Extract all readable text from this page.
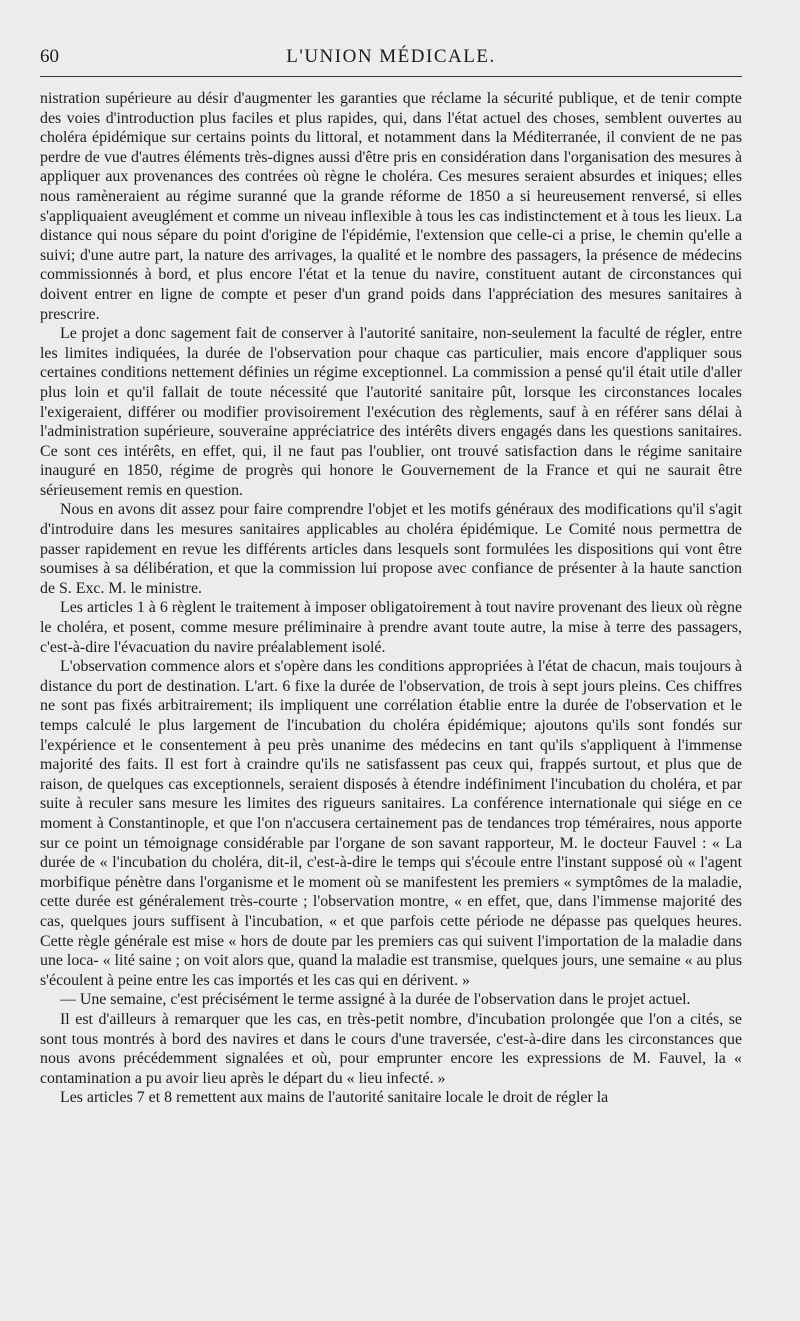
60	L'UNION MÉDICALE.

nistration supérieure au désir d'augmenter les garanties que réclame la sécurité publique, et de tenir compte des voies d'introduction plus faciles et plus rapides, qui, dans l'état actuel des choses, semblent ouvertes au choléra épidémique sur certains points du littoral, et notamment dans la Méditerranée, il convient de ne pas perdre de vue d'autres éléments très-dignes aussi d'être pris en considération dans l'organisation des mesures à appliquer aux provenances des contrées où règne le choléra. Ces mesures seraient absurdes et iniques; elles nous ramèneraient au régime suranné que la grande réforme de 1850 a si heureusement renversé, si elles s'appliquaient aveuglément et comme un niveau inflexible à tous les cas indistinctement et à tous les lieux. La distance qui nous sépare du point d'origine de l'épidémie, l'extension que celle-ci a prise, le chemin qu'elle a suivi; d'une autre part, la nature des arrivages, la qualité et le nombre des passagers, la présence de médecins commissionnés à bord, et plus encore l'état et la tenue du navire, constituent autant de circonstances qui doivent entrer en ligne de compte et peser d'un grand poids dans l'appréciation des mesures sanitaires à prescrire.

Le projet a donc sagement fait de conserver à l'autorité sanitaire, non-seulement la faculté de régler, entre les limites indiquées, la durée de l'observation pour chaque cas particulier, mais encore d'appliquer sous certaines conditions nettement définies un régime exceptionnel. La commission a pensé qu'il était utile d'aller plus loin et qu'il fallait de toute nécessité que l'autorité sanitaire pût, lorsque les circonstances locales l'exigeraient, différer ou modifier provisoirement l'exécution des règlements, sauf à en référer sans délai à l'administration supérieure, souveraine appréciatrice des intérêts divers engagés dans les questions sanitaires. Ce sont ces intérêts, en effet, qui, il ne faut pas l'oublier, ont trouvé satisfaction dans le régime sanitaire inauguré en 1850, régime de progrès qui honore le Gouvernement de la France et qui ne saurait être sérieusement remis en question.

Nous en avons dit assez pour faire comprendre l'objet et les motifs généraux des modifications qu'il s'agit d'introduire dans les mesures sanitaires applicables au choléra épidémique. Le Comité nous permettra de passer rapidement en revue les différents articles dans lesquels sont formulées les dispositions qui vont être soumises à sa délibération, et que la commission lui propose avec confiance de présenter à la haute sanction de S. Exc. M. le ministre.

Les articles 1 à 6 règlent le traitement à imposer obligatoirement à tout navire provenant des lieux où règne le choléra, et posent, comme mesure préliminaire à prendre avant toute autre, la mise à terre des passagers, c'est-à-dire l'évacuation du navire préalablement isolé.

L'observation commence alors et s'opère dans les conditions appropriées à l'état de chacun, mais toujours à distance du port de destination. L'art. 6 fixe la durée de l'observation, de trois à sept jours pleins. Ces chiffres ne sont pas fixés arbitrairement; ils impliquent une corrélation établie entre la durée de l'observation et le temps calculé le plus largement de l'incubation du choléra épidémique; ajoutons qu'ils sont fondés sur l'expérience et le consentement à peu près unanime des médecins en tant qu'ils s'appliquent à l'immense majorité des faits. Il est fort à craindre qu'ils ne satisfassent pas ceux qui, frappés surtout, et plus que de raison, de quelques cas exceptionnels, seraient disposés à étendre indéfiniment l'incubation du choléra, et par suite à reculer sans mesure les limites des rigueurs sanitaires. La conférence internationale qui siége en ce moment à Constantinople, et que l'on n'accusera certainement pas de tendances trop téméraires, nous apporte sur ce point un témoignage considérable par l'organe de son savant rapporteur, M. le docteur Fauvel : « La durée de « l'incubation du choléra, dit-il, c'est-à-dire le temps qui s'écoule entre l'instant supposé où « l'agent morbifique pénètre dans l'organisme et le moment où se manifestent les premiers « symptômes de la maladie, cette durée est généralement très-courte ; l'observation montre, « en effet, que, dans l'immense majorité des cas, quelques jours suffisent à l'incubation, « et que parfois cette période ne dépasse pas quelques heures. Cette règle générale est mise « hors de doute par les premiers cas qui suivent l'importation de la maladie dans une loca- « lité saine ; on voit alors que, quand la maladie est transmise, quelques jours, une semaine « au plus s'écoulent à peine entre les cas importés et les cas qui en dérivent. »

— Une semaine, c'est précisément le terme assigné à la durée de l'observation dans le projet actuel.

Il est d'ailleurs à remarquer que les cas, en très-petit nombre, d'incubation prolongée que l'on a cités, se sont tous montrés à bord des navires et dans le cours d'une traversée, c'est-à-dire dans les circonstances que nous avons précédemment signalées et où, pour emprunter encore les expressions de M. Fauvel, la « contamination a pu avoir lieu après le départ du « lieu infecté. »

Les articles 7 et 8 remettent aux mains de l'autorité sanitaire locale le droit de régler la
